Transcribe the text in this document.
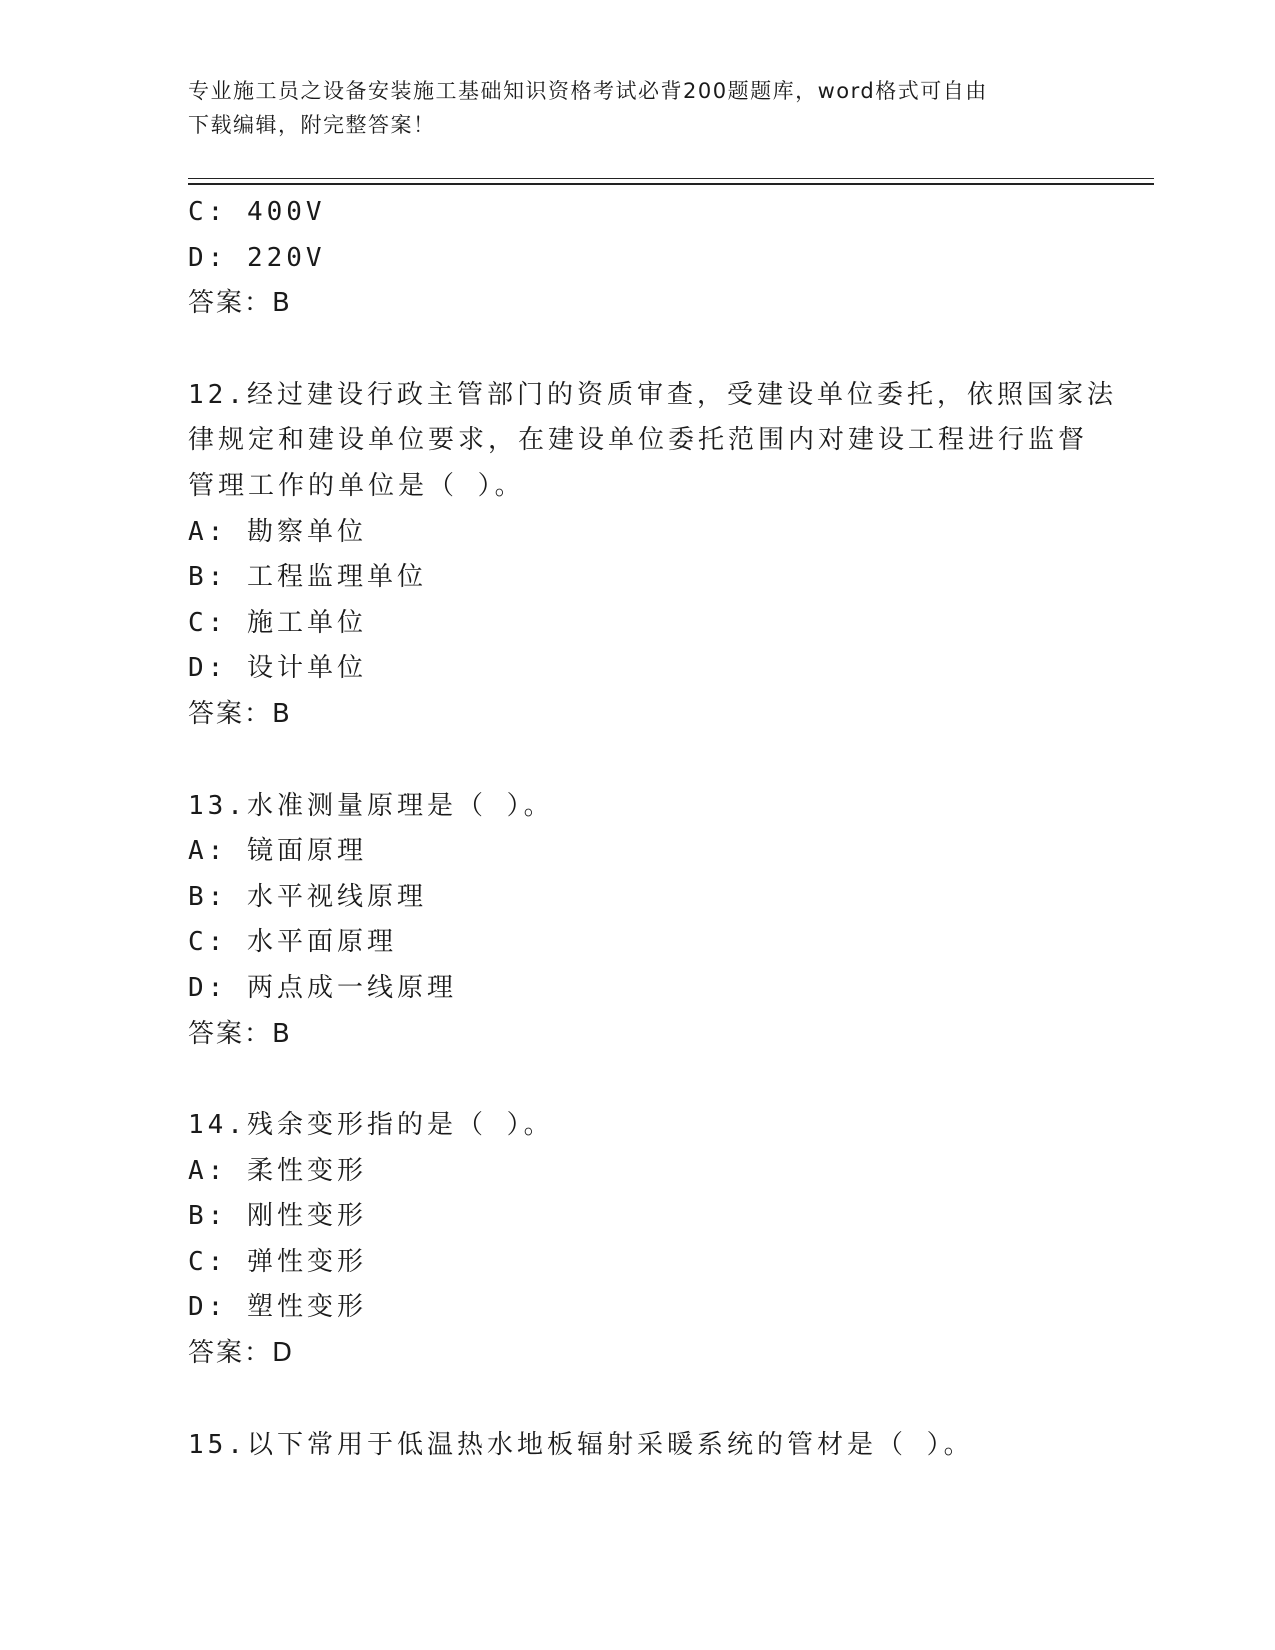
专业施工员之设备安装施工基础知识资格考试必背200题题库，word格式可自由
下载编辑，附完整答案！
C: 400V
D: 220V
答案：B
12.经过建设行政主管部门的资质审查，受建设单位委托，依照国家法
律规定和建设单位要求，在建设单位委托范围内对建设工程进行监督
管理工作的单位是（ ）。
A: 勘察单位
B: 工程监理单位
C: 施工单位
D: 设计单位
答案：B
13.水准测量原理是（ ）。
A: 镜面原理
B: 水平视线原理
C: 水平面原理
D: 两点成一线原理
答案：B
14.残余变形指的是（ ）。
A: 柔性变形
B: 刚性变形
C: 弹性变形
D: 塑性变形
答案：D
15.以下常用于低温热水地板辐射采暖系统的管材是（ ）。
